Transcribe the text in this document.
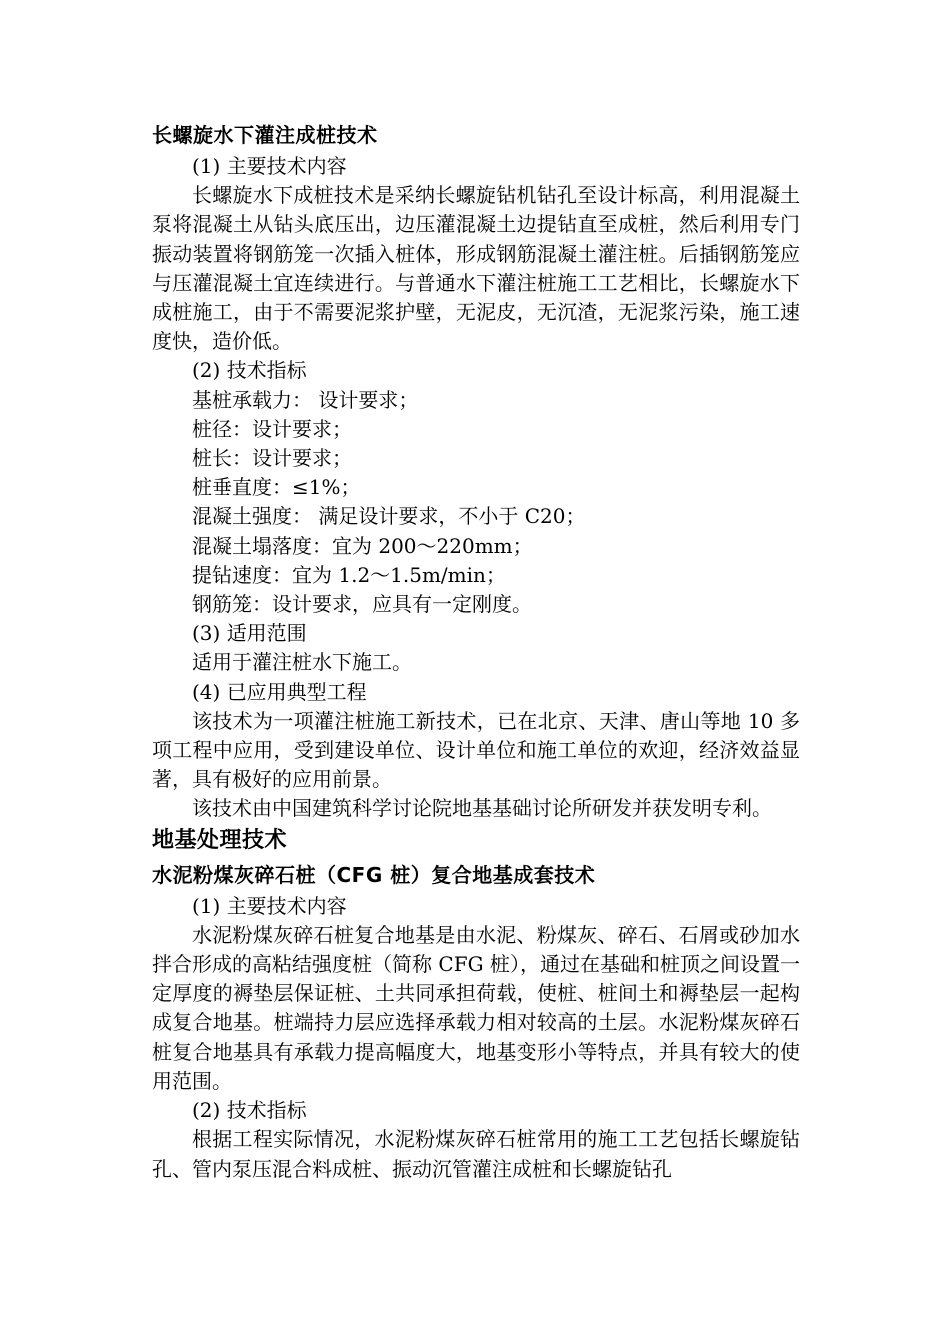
长螺旋水下灌注成桩技术

(1) 主要技术内容

长螺旋水下成桩技术是采纳长螺旋钻机钻孔至设计标高，利用混凝土泵将混凝土从钻头底压出，边压灌混凝土边提钻直至成桩，然后利用专门振动装置将钢筋笼一次插入桩体，形成钢筋混凝土灌注桩。后插钢筋笼应与压灌混凝土宜连续进行。与普通水下灌注桩施工工艺相比，长螺旋水下成桩施工，由于不需要泥浆护壁，无泥皮，无沉渣，无泥浆污染，施工速度快，造价低。

(2) 技术指标

基桩承载力： 设计要求；

桩径：设计要求；

桩长：设计要求；

桩垂直度：≤1%；

混凝土强度： 满足设计要求，不小于 C20；

混凝土塌落度：宜为 200～220mm；

提钻速度：宜为 1.2～1.5m/min；

钢筋笼：设计要求，应具有一定刚度。

(3) 适用范围

适用于灌注桩水下施工。

(4) 已应用典型工程

该技术为一项灌注桩施工新技术，已在北京、天津、唐山等地 10 多项工程中应用，受到建设单位、设计单位和施工单位的欢迎，经济效益显著，具有极好的应用前景。

该技术由中国建筑科学讨论院地基基础讨论所研发并获发明专利。

地基处理技术
水泥粉煤灰碎石桩（CFG 桩）复合地基成套技术

(1) 主要技术内容

水泥粉煤灰碎石桩复合地基是由水泥、粉煤灰、碎石、石屑或砂加水拌合形成的高粘结强度桩（简称 CFG 桩），通过在基础和桩顶之间设置一定厚度的褥垫层保证桩、土共同承担荷载，使桩、桩间土和褥垫层一起构成复合地基。桩端持力层应选择承载力相对较高的土层。水泥粉煤灰碎石桩复合地基具有承载力提高幅度大，地基变形小等特点，并具有较大的使用范围。

(2) 技术指标

根据工程实际情况，水泥粉煤灰碎石桩常用的施工工艺包括长螺旋钻孔、管内泵压混合料成桩、振动沉管灌注成桩和长螺旋钻孔
